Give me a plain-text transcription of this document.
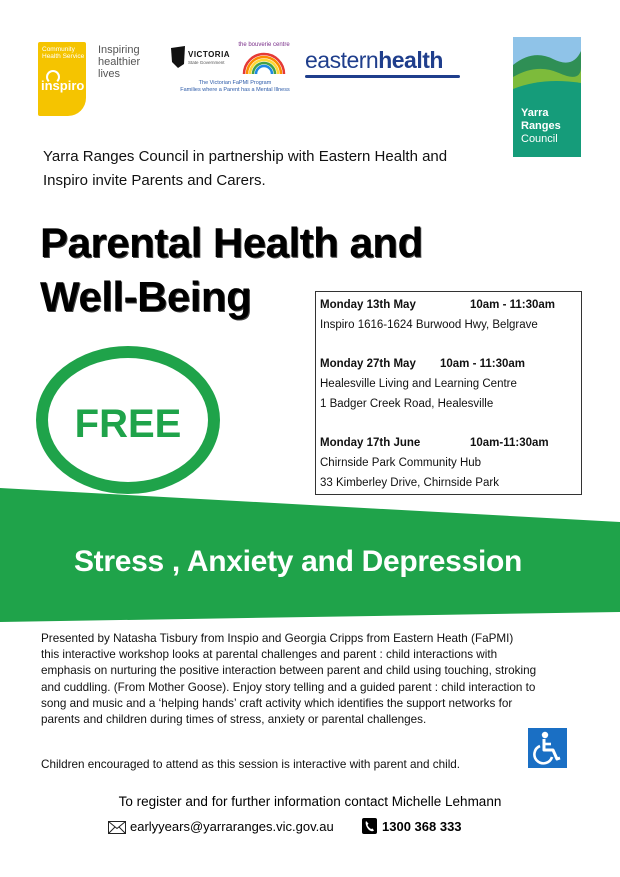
Community Health Service
inspiro
Inspiring healthier lives
VICTORIA
State Government
the bouverie centre
The Victorian FaPMI Program
Families where a Parent has a Mental Illness
easternhealth
Yarra
Ranges
Council
Yarra Ranges Council in partnership with Eastern Health and
Inspiro invite Parents and Carers.
Parental Health and
Well-Being
FREE
Monday 13th May	10am - 11:30am
Inspiro 1616-1624 Burwood Hwy, Belgrave
Monday 27th May	10am - 11:30am
Healesville Living and Learning Centre
1 Badger Creek Road, Healesville
Monday 17th June	10am-11:30am
Chirnside Park Community Hub
33 Kimberley Drive, Chirnside Park
Stress , Anxiety and Depression
Presented by Natasha Tisbury from Inspio and Georgia Cripps from Eastern Heath (FaPMI)
this interactive workshop looks at parental challenges and parent : child interactions with
emphasis on nurturing the positive interaction between parent and child using touching, stroking
and cuddling. (From Mother Goose). Enjoy story telling and a guided parent : child interaction to
song and music and a ‘helping hands’ craft activity which identifies the support networks for
parents and children during times of stress, anxiety or parental challenges.
Children encouraged to attend as this session is interactive with parent and child.
To register and for further information contact Michelle Lehmann
earlyyears@yarraranges.vic.gov.au	1300 368 333
